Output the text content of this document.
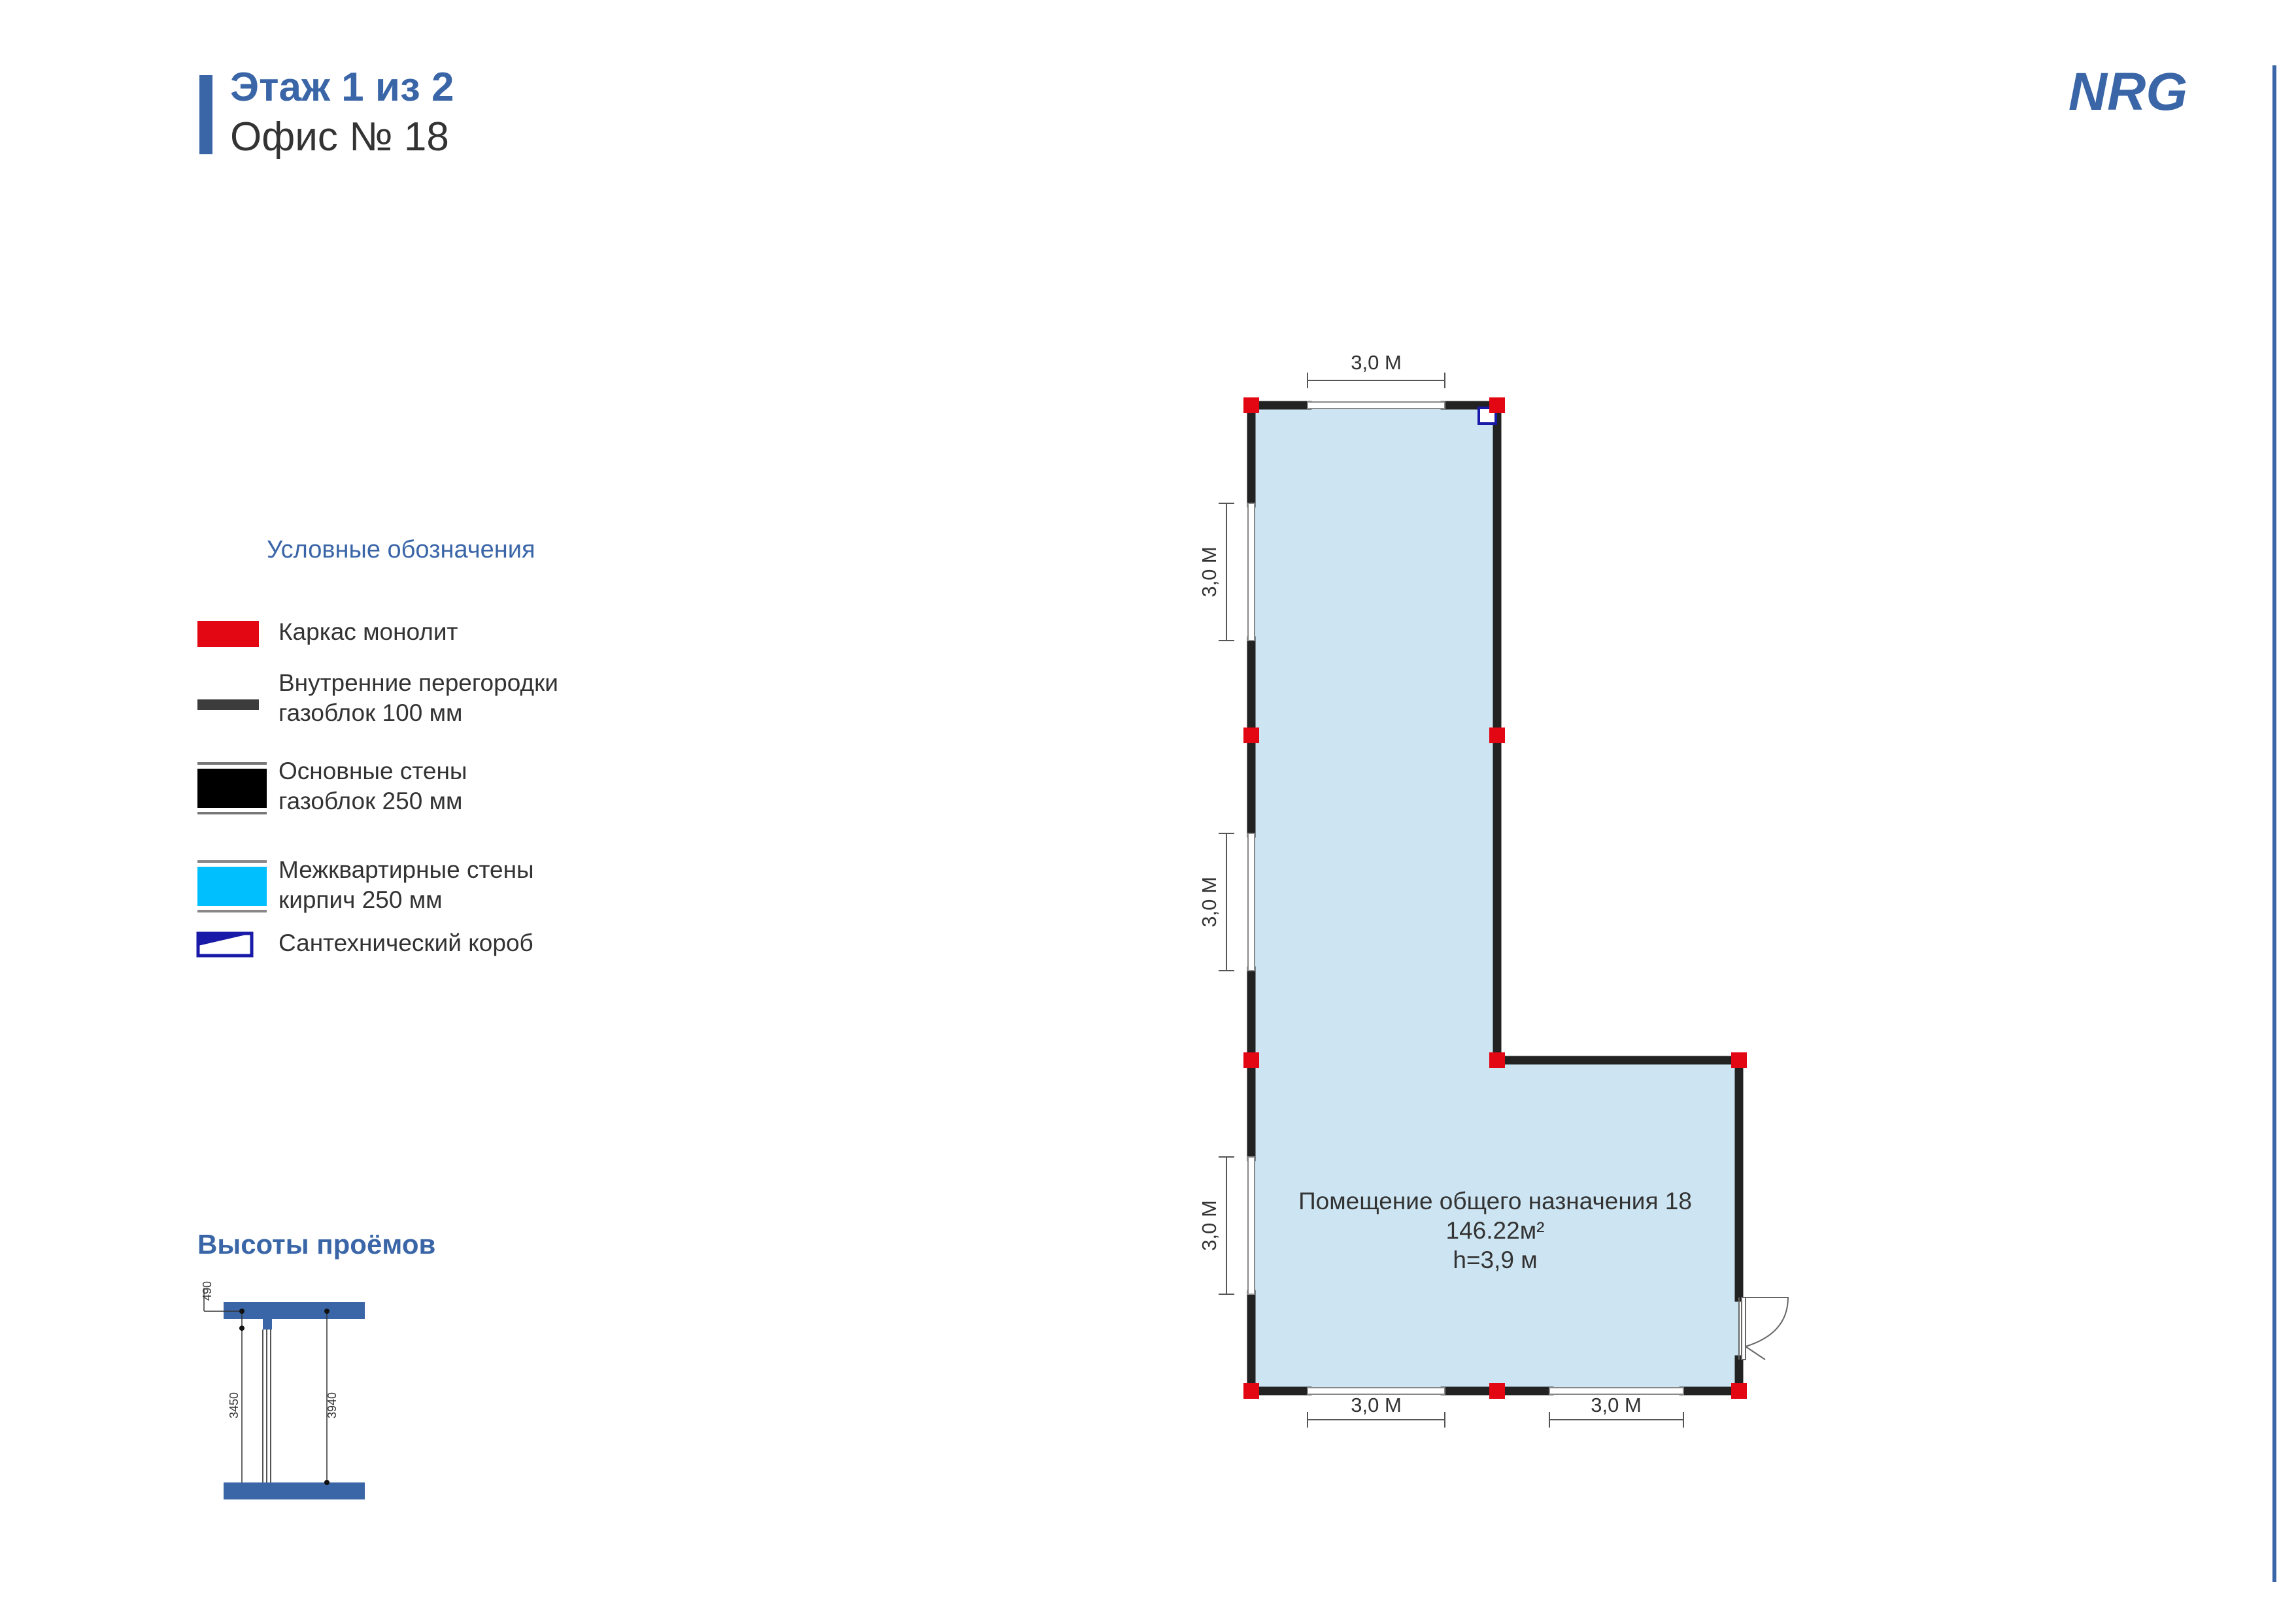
Этаж 1 из 2
Офис № 18
NRG
Условные обозначения
Каркас монолит
Внутренние перегородки
газоблок 100 мм
Основные стены
газоблок 250 мм
Межквартирные стены
кирпич 250 мм
Сантехнический короб
Высоты проёмов
490
3450	3940
3,0 М
3,0 М	3,0 М
3,0 М
3,0 М
3,0 М	Помещение общего назначения 18
146.22м²
h=3,9 м
